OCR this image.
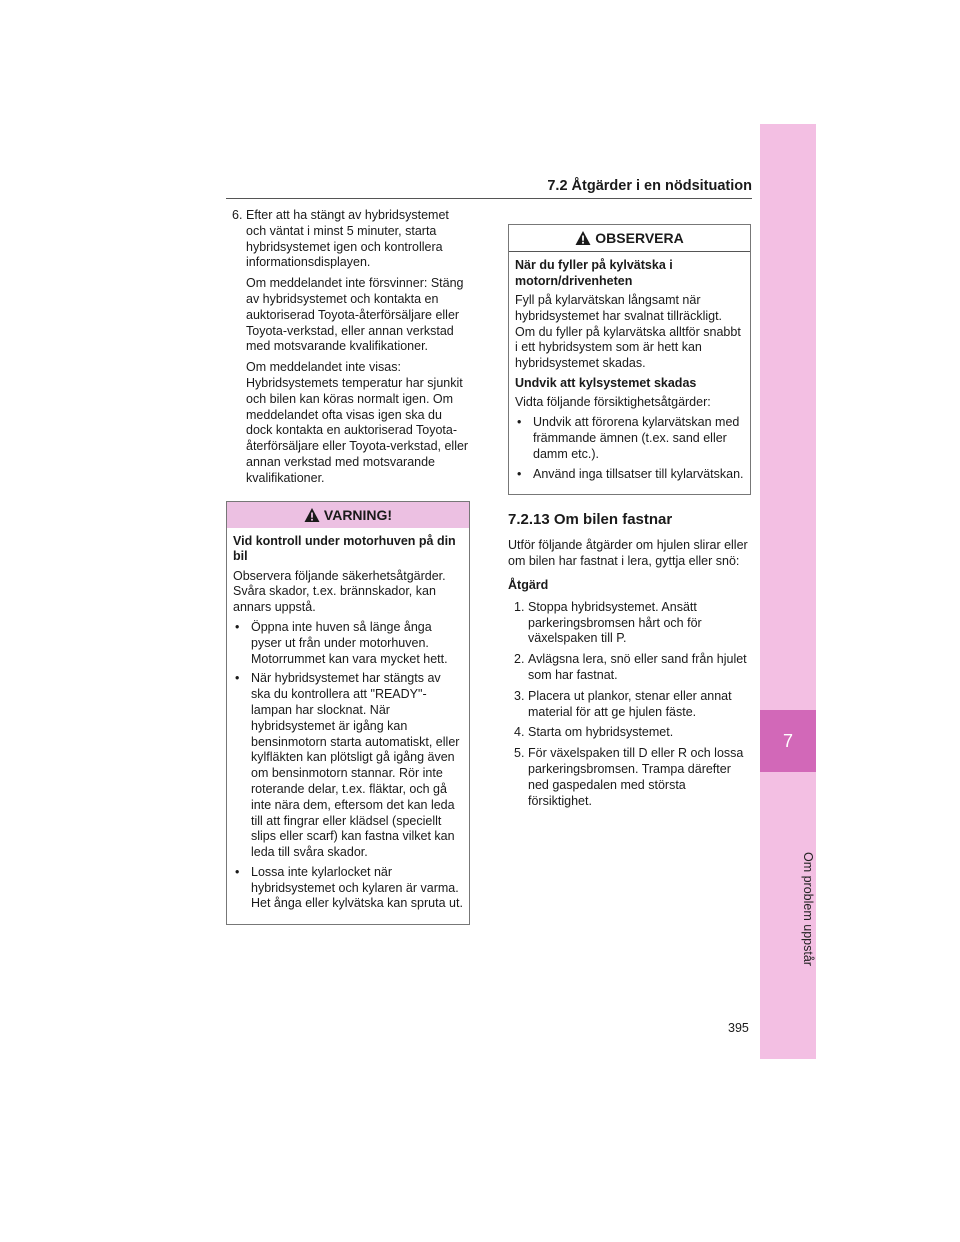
7.2 Åtgärder i en nödsituation
7

6. Efter att ha stängt av hybridsystemet och väntat i minst 5 minuter, starta hybridsystemet igen och kontrollera informationsdisplayen.

Om meddelandet inte försvinner: Stäng av hybridsystemet och kontakta en auktoriserad Toyota-återförsäljare eller Toyota-verkstad, eller annan verkstad med motsvarande kvalifikationer.

Om meddelandet inte visas: Hybridsystemets temperatur har sjunkit och bilen kan köras normalt igen. Om meddelandet ofta visas igen ska du dock kontakta en auktoriserad Toyota-återförsäljare eller Toyota-verkstad, eller annan verkstad med motsvarande kvalifikationer.

VARNING!
Vid kontroll under motorhuven på din bil

Observera följande säkerhetsåtgärder. Svåra skador, t.ex. brännskador, kan annars uppstå.

• Öppna inte huven så länge ånga pyser ut från under motorhuven. Motorrummet kan vara mycket hett.

• När hybridsystemet har stängts av ska du kontrollera att "READY"-lampan har slocknat. När hybridsystemet är igång kan bensinmotorn starta automatiskt, eller kylfläkten kan plötsligt gå igång även om bensinmotorn stannar. Rör inte roterande delar, t.ex. fläktar, och gå inte nära dem, eftersom det kan leda till att fingrar eller klädsel (speciellt slips eller scarf) kan fastna vilket kan leda till svåra skador.

• Lossa inte kylarlocket när hybridsystemet och kylaren är varma. Het ånga eller kylvätska kan spruta ut.

OBSERVERA
När du fyller på kylvätska i motorn/drivenheten

Fyll på kylarvätskan långsamt när hybridsystemet har svalnat tillräckligt. Om du fyller på kylarvätska alltför snabbt i ett hybridsystem som är hett kan hybridsystemet skadas.

Undvik att kylsystemet skadas

Vidta följande försiktighetsåtgärder:

• Undvik att förorena kylarvätskan med främmande ämnen (t.ex. sand eller damm etc.).

• Använd inga tillsatser till kylarvätskan.

7.2.13 Om bilen fastnar

Utför följande åtgärder om hjulen slirar eller om bilen har fastnat i lera, gyttja eller snö:

Åtgärd

1. Stoppa hybridsystemet. Ansätt parkeringsbromsen hårt och för växelspaken till P.

2. Avlägsna lera, snö eller sand från hjulet som har fastnat.

3. Placera ut plankor, stenar eller annat material för att ge hjulen fäste.

4. Starta om hybridsystemet.

5. För växelspaken till D eller R och lossa parkeringsbromsen. Trampa därefter ned gaspedalen med största försiktighet.

395
